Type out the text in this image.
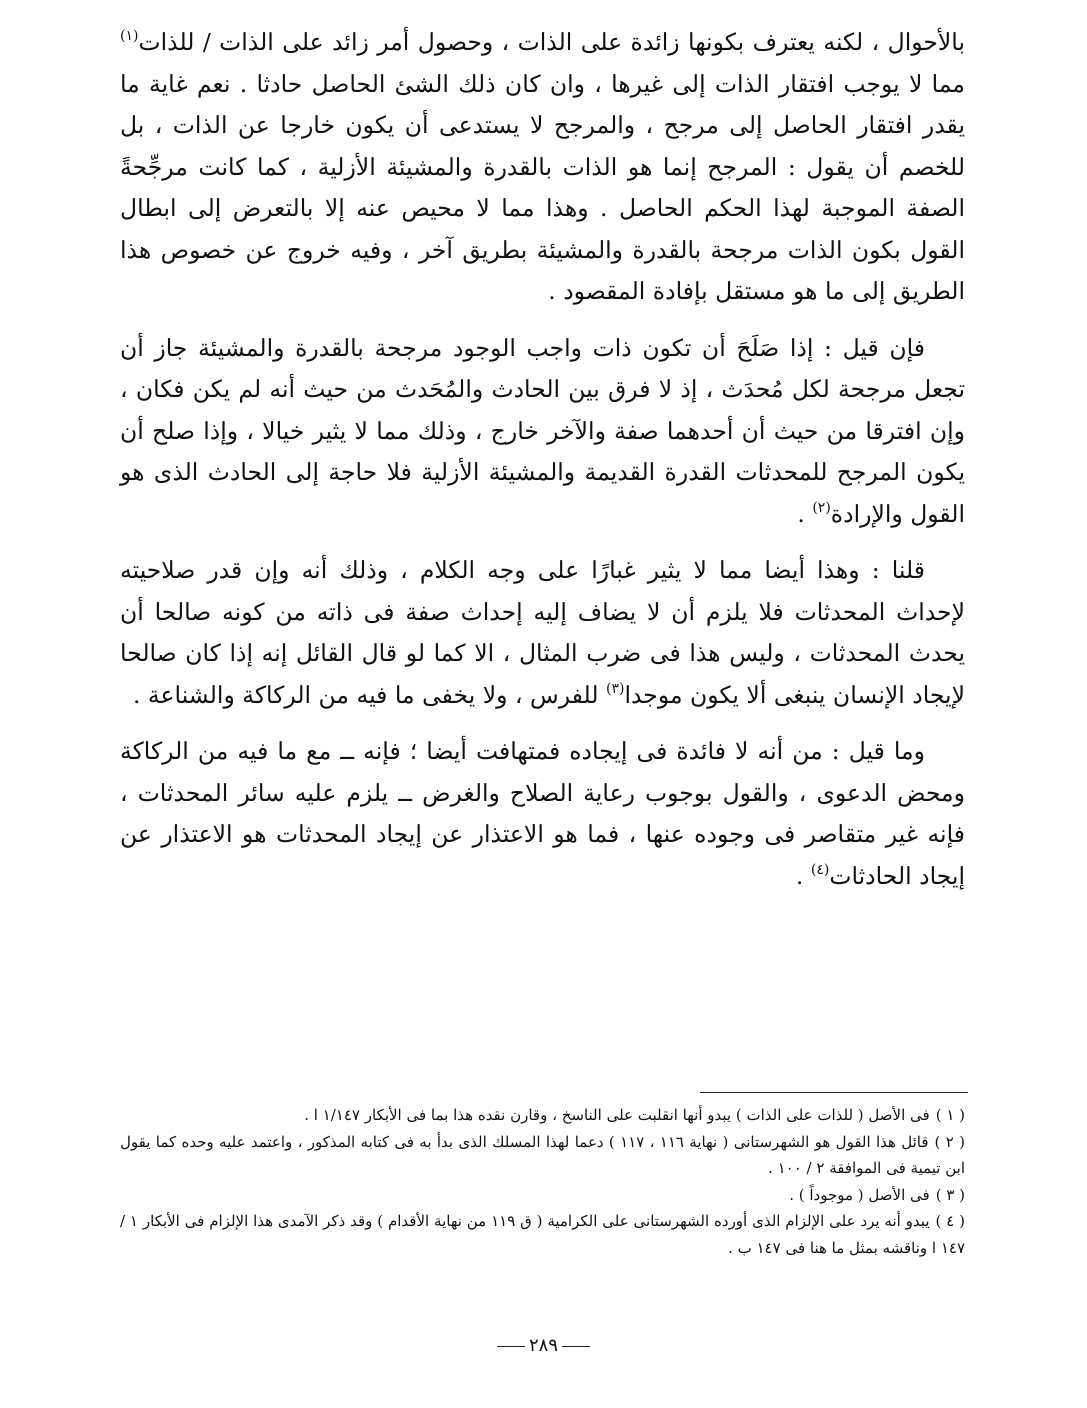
بالأحوال ، لكنه يعترف بكونها زائدة على الذات ، وحصول أمر زائد على الذات / للذات$^{(١)}$ مما لا يوجب افتقار الذات إلى غيرها ، وان كان ذلك الشئ الحاصل حادثا . نعم غاية ما يقدر افتقار الحاصل إلى مرجح ، والمرجح لا يستدعى أن يكون خارجا عن الذات ، بل للخصم أن يقول : المرجح إنما هو الذات بالقدرة والمشيئة الأزلية ، كما كانت مرجِّحةً الصفة الموجبة لهذا الحكم الحاصل . وهذا مما لا محيص عنه إلا بالتعرض إلى ابطال القول بكون الذات مرجحة بالقدرة والمشيئة بطريق آخر ، وفيه خروج عن خصوص هذا الطريق إلى ما هو مستقل بإفادة المقصود .

فإن قيل : إذا صَلَحَ أن تكون ذات واجب الوجود مرجحة بالقدرة والمشيئة جاز أن تجعل مرجحة لكل مُحدَث ، إذ لا فرق بين الحادث والمُحَدث من حيث أنه لم يكن فكان ، وإن افترقا من حيث أن أحدهما صفة والآخر خارج ، وذلك مما لا يثير خيالا ، وإذا صلح أن يكون المرجح للمحدثات القدرة القديمة والمشيئة الأزلية فلا حاجة إلى الحادث الذى هو القول والإرادة$^{(٢)}$ .

قلنا : وهذا أيضا مما لا يثير غبارًا على وجه الكلام ، وذلك أنه وإن قدر صلاحيته لإحداث المحدثات فلا يلزم أن لا يضاف إليه إحداث صفة فى ذاته من كونه صالحا أن يحدث المحدثات ، وليس هذا فى ضرب المثال ، الا كما لو قال القائل إنه إذا كان صالحا لإيجاد الإنسان ينبغى ألا يكون موجدا$^{(٣)}$ للفرس ، ولا يخفى ما فيه من الركاكة والشناعة .

وما قيل : من أنه لا فائدة فى إيجاده فمتهافت أيضا ؛ فإنه ــ مع ما فيه من الركاكة ومحض الدعوى ، والقول بوجوب رعاية الصلاح والغرض ــ يلزم عليه سائر المحدثات ، فإنه غير متقاصر فى وجوده عنها ، فما هو الاعتذار عن إيجاد المحدثات هو الاعتذار عن إيجاد الحادثات$^{(٤)}$ .

( ١ )فى الأصل ( للذات على الذات ) يبدو أنها انقلبت على الناسخ ، وقارن نقده هذا بما فى الأبكار ١/١٤٧ ا .

( ٢ )قائل هذا القول هو الشهرستانى ( نهاية ١١٦ ، ١١٧ ) دعما لهذا المسلك الذى بدأ به فى كتابه المذكور ، واعتمد عليه وحده كما يقول ابن تيمية فى الموافقة ٢ / ١٠٠ .

( ٣ )فى الأصل ( موجوداً ) .

( ٤ )يبدو أنه يرد على الإلزام الذى أورده الشهرستانى على الكرامية ( ق ١١٩ من نهاية الأقدام ) وقد ذكر الآمدى هذا الإلزام فى الأبكار ١ / ١٤٧ ا وناقشه بمثل ما هنا فى ١٤٧ ب .

٢٨٩
